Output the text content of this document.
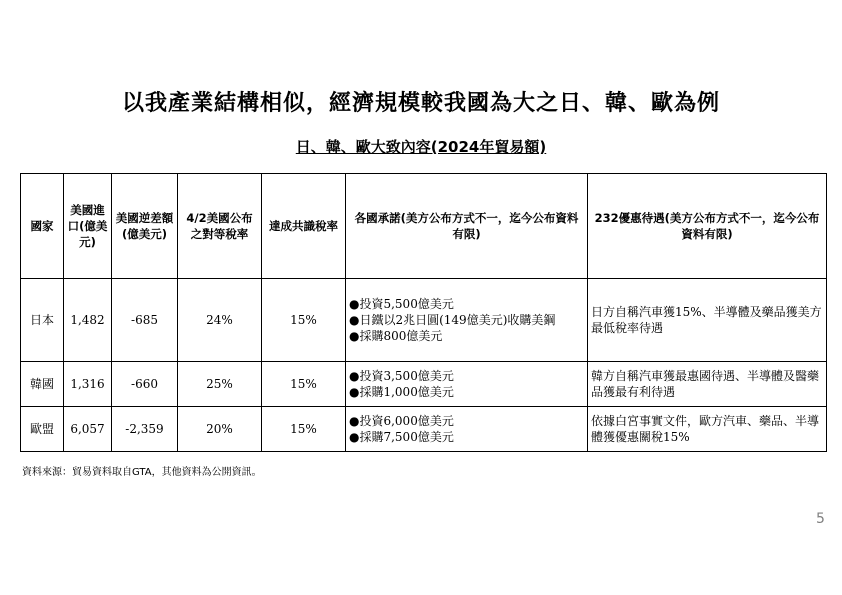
以我產業結構相似，經濟規模較我國為大之日、韓、歐為例
日、韓、歐大致內容(2024年貿易額)
國家	美國進口(億美元)	美國逆差額(億美元)	4/2美國公布之對等稅率	達成共識稅率	各國承諾(美方公布方式不一，迄今公布資料有限)	232優惠待遇(美方公布方式不一，迄今公布資料有限)
日本	1,482	-685	24%	15%	●投資5,500億美元
●日鐵以2兆日圓(149億美元)收購美鋼
●採購800億美元	日方自稱汽車獲15%、半導體及藥品獲美方最低稅率待遇
韓國	1,316	-660	25%	15%	●投資3,500億美元
●採購1,000億美元	韓方自稱汽車獲最惠國待遇、半導體及醫藥品獲最有利待遇
歐盟	6,057	-2,359	20%	15%	●投資6,000億美元
●採購7,500億美元	依據白宮事實文件，歐方汽車、藥品、半導體獲優惠關稅15%
資料來源：貿易資料取自GTA，其他資料為公開資訊。
5
